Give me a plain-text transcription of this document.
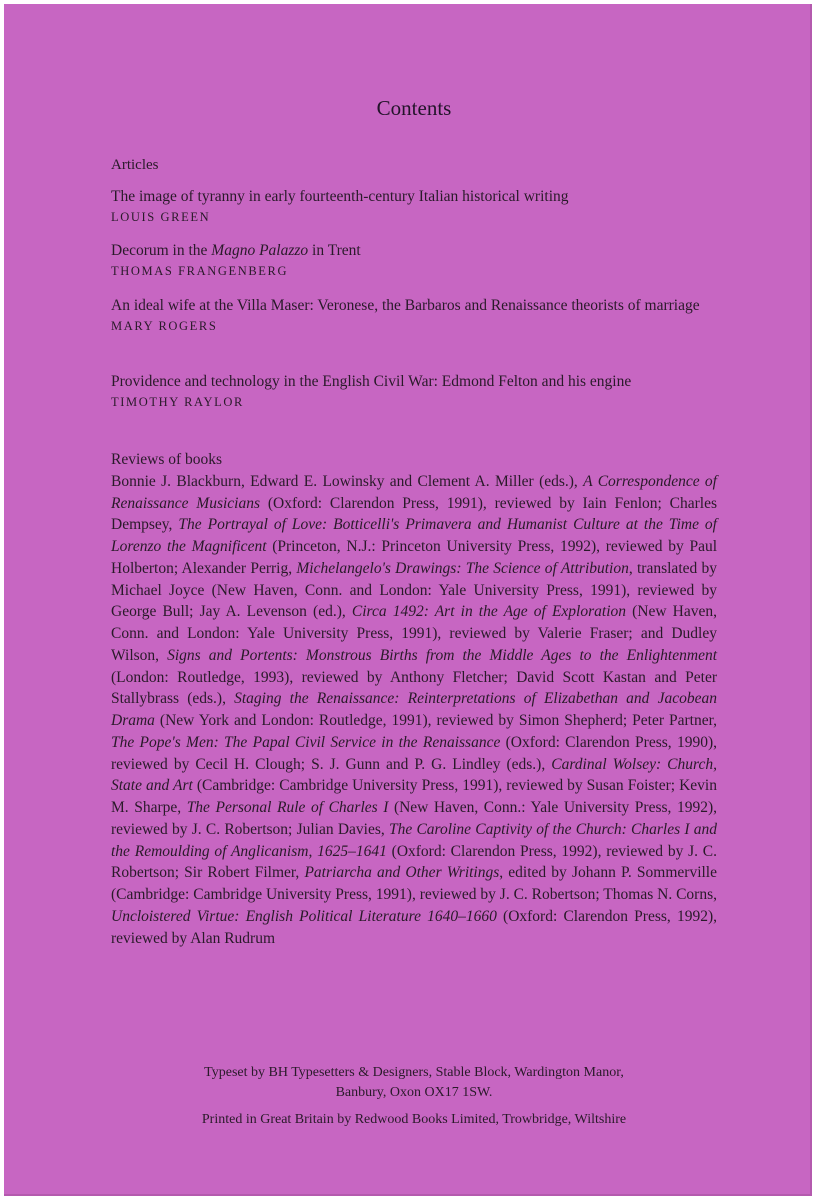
Contents
Articles
The image of tyranny in early fourteenth-century Italian historical writing
LOUIS GREEN
Decorum in the Magno Palazzo in Trent
THOMAS FRANGENBERG
An ideal wife at the Villa Maser: Veronese, the Barbaros and Renaissance theorists of marriage
MARY ROGERS
Providence and technology in the English Civil War: Edmond Felton and his engine
TIMOTHY RAYLOR
Reviews of books
Bonnie J. Blackburn, Edward E. Lowinsky and Clement A. Miller (eds.), A Correspondence of Renaissance Musicians (Oxford: Clarendon Press, 1991), reviewed by Iain Fenlon; Charles Dempsey, The Portrayal of Love: Botticelli's Primavera and Humanist Culture at the Time of Lorenzo the Magnificent (Princeton, N.J.: Princeton University Press, 1992), reviewed by Paul Holberton; Alexander Perrig, Michelangelo's Drawings: The Science of Attribution, translated by Michael Joyce (New Haven, Conn. and London: Yale University Press, 1991), reviewed by George Bull; Jay A. Levenson (ed.), Circa 1492: Art in the Age of Exploration (New Haven, Conn. and London: Yale University Press, 1991), reviewed by Valerie Fraser; and Dudley Wilson, Signs and Portents: Monstrous Births from the Middle Ages to the Enlightenment (London: Routledge, 1993), reviewed by Anthony Fletcher; David Scott Kastan and Peter Stallybrass (eds.), Staging the Renaissance: Reinterpretations of Elizabethan and Jacobean Drama (New York and London: Routledge, 1991), reviewed by Simon Shepherd; Peter Partner, The Pope's Men: The Papal Civil Service in the Renaissance (Oxford: Clarendon Press, 1990), reviewed by Cecil H. Clough; S. J. Gunn and P. G. Lindley (eds.), Cardinal Wolsey: Church, State and Art (Cambridge: Cambridge University Press, 1991), reviewed by Susan Foister; Kevin M. Sharpe, The Personal Rule of Charles I (New Haven, Conn.: Yale University Press, 1992), reviewed by J. C. Robertson; Julian Davies, The Caroline Captivity of the Church: Charles I and the Remoulding of Anglicanism, 1625–1641 (Oxford: Clarendon Press, 1992), reviewed by J. C. Robertson; Sir Robert Filmer, Patriarcha and Other Writings, edited by Johann P. Sommerville (Cambridge: Cambridge University Press, 1991), reviewed by J. C. Robertson; Thomas N. Corns, Uncloistered Virtue: English Political Literature 1640–1660 (Oxford: Clarendon Press, 1992), reviewed by Alan Rudrum
Typeset by BH Typesetters & Designers, Stable Block, Wardington Manor,
Banbury, Oxon OX17 1SW.
Printed in Great Britain by Redwood Books Limited, Trowbridge, Wiltshire
